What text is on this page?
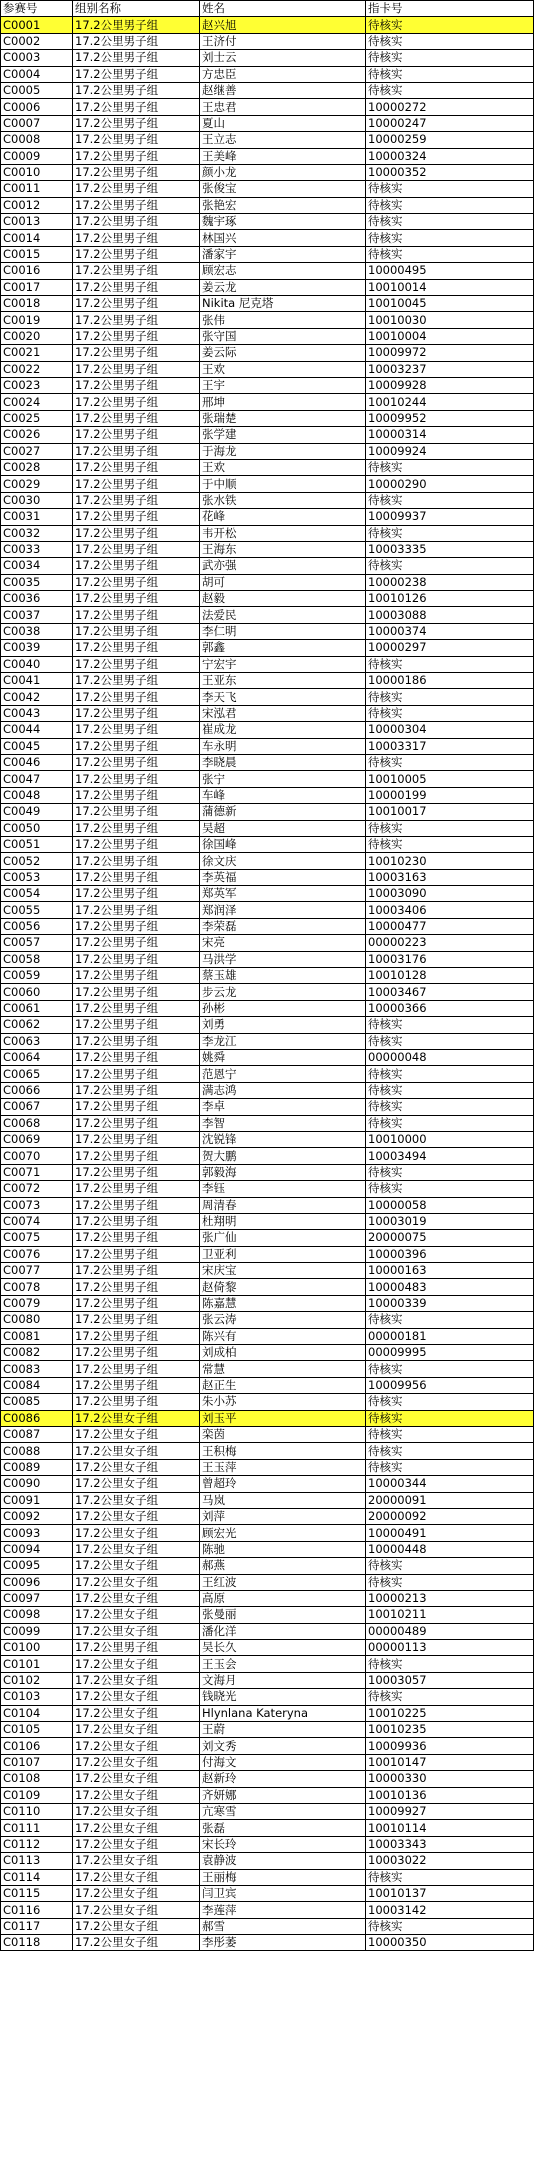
参赛号	组别名称	姓名	指卡号
C0001	17.2公里男子组	赵兴旭	待核实
C0002	17.2公里男子组	王济付	待核实
C0003	17.2公里男子组	刘士云	待核实
C0004	17.2公里男子组	方忠臣	待核实
C0005	17.2公里男子组	赵继善	待核实
C0006	17.2公里男子组	王忠君	10000272
C0007	17.2公里男子组	夏山	10000247
C0008	17.2公里男子组	王立志	10000259
C0009	17.2公里男子组	王美峰	10000324
C0010	17.2公里男子组	颜小龙	10000352
C0011	17.2公里男子组	张俊宝	待核实
C0012	17.2公里男子组	张艳宏	待核实
C0013	17.2公里男子组	魏宇琢	待核实
C0014	17.2公里男子组	林国兴	待核实
C0015	17.2公里男子组	潘家宇	待核实
C0016	17.2公里男子组	顾宏志	10000495
C0017	17.2公里男子组	姜云龙	10010014
C0018	17.2公里男子组	Nikita 尼克塔	10010045
C0019	17.2公里男子组	张伟	10010030
C0020	17.2公里男子组	张守国	10010004
C0021	17.2公里男子组	姜云际	10009972
C0022	17.2公里男子组	王欢	10003237
C0023	17.2公里男子组	王宇	10009928
C0024	17.2公里男子组	邢坤	10010244
C0025	17.2公里男子组	张瑞楚	10009952
C0026	17.2公里男子组	张学建	10000314
C0027	17.2公里男子组	于海龙	10009924
C0028	17.2公里男子组	王欢	待核实
C0029	17.2公里男子组	于中顺	10000290
C0030	17.2公里男子组	张水铁	待核实
C0031	17.2公里男子组	花峰	10009937
C0032	17.2公里男子组	韦开松	待核实
C0033	17.2公里男子组	王海东	10003335
C0034	17.2公里男子组	武亦强	待核实
C0035	17.2公里男子组	胡可	10000238
C0036	17.2公里男子组	赵毅	10010126
C0037	17.2公里男子组	法爱民	10003088
C0038	17.2公里男子组	李仁明	10000374
C0039	17.2公里男子组	郭鑫	10000297
C0040	17.2公里男子组	宁宏宇	待核实
C0041	17.2公里男子组	王亚东	10000186
C0042	17.2公里男子组	李天飞	待核实
C0043	17.2公里男子组	宋泓君	待核实
C0044	17.2公里男子组	崔成龙	10000304
C0045	17.2公里男子组	车永明	10003317
C0046	17.2公里男子组	李晓晨	待核实
C0047	17.2公里男子组	张宁	10010005
C0048	17.2公里男子组	车峰	10000199
C0049	17.2公里男子组	蒲德新	10010017
C0050	17.2公里男子组	吴超	待核实
C0051	17.2公里男子组	徐国峰	待核实
C0052	17.2公里男子组	徐文庆	10010230
C0053	17.2公里男子组	李英福	10003163
C0054	17.2公里男子组	郑英军	10003090
C0055	17.2公里男子组	郑润泽	10003406
C0056	17.2公里男子组	李荣磊	10000477
C0057	17.2公里男子组	宋亮	00000223
C0058	17.2公里男子组	马洪学	10003176
C0059	17.2公里男子组	蔡玉雄	10010128
C0060	17.2公里男子组	步云龙	10003467
C0061	17.2公里男子组	孙彬	10000366
C0062	17.2公里男子组	刘勇	待核实
C0063	17.2公里男子组	李龙江	待核实
C0064	17.2公里男子组	姚舜	00000048
C0065	17.2公里男子组	范恩宁	待核实
C0066	17.2公里男子组	满志鸿	待核实
C0067	17.2公里男子组	李卓	待核实
C0068	17.2公里男子组	李智	待核实
C0069	17.2公里男子组	沈锐锋	10010000
C0070	17.2公里男子组	贺大鹏	10003494
C0071	17.2公里男子组	郭毅海	待核实
C0072	17.2公里男子组	李钰	待核实
C0073	17.2公里男子组	周清春	10000058
C0074	17.2公里男子组	杜翔明	10003019
C0075	17.2公里男子组	张广仙	20000075
C0076	17.2公里男子组	卫亚利	10000396
C0077	17.2公里男子组	宋庆宝	10000163
C0078	17.2公里男子组	赵倚黎	10000483
C0079	17.2公里男子组	陈嘉慧	10000339
C0080	17.2公里男子组	张云涛	待核实
C0081	17.2公里男子组	陈兴有	00000181
C0082	17.2公里男子组	刘成柏	00009995
C0083	17.2公里男子组	常慧	待核实
C0084	17.2公里男子组	赵正生	10009956
C0085	17.2公里男子组	朱小苏	待核实
C0086	17.2公里女子组	刘玉平	待核实
C0087	17.2公里女子组	栾茵	待核实
C0088	17.2公里女子组	王积梅	待核实
C0089	17.2公里女子组	王玉萍	待核实
C0090	17.2公里女子组	曾超玲	10000344
C0091	17.2公里女子组	马岚	20000091
C0092	17.2公里女子组	刘萍	20000092
C0093	17.2公里女子组	顾宏光	10000491
C0094	17.2公里女子组	陈驰	10000448
C0095	17.2公里女子组	郝燕	待核实
C0096	17.2公里女子组	王红波	待核实
C0097	17.2公里女子组	高原	10000213
C0098	17.2公里女子组	张曼丽	10010211
C0099	17.2公里女子组	潘化洋	00000489
C0100	17.2公里男子组	吴长久	00000113
C0101	17.2公里女子组	王玉会	待核实
C0102	17.2公里女子组	文海月	10003057
C0103	17.2公里女子组	钱晓光	待核实
C0104	17.2公里女子组	Hlynlana Kateryna	10010225
C0105	17.2公里女子组	王蔚	10010235
C0106	17.2公里女子组	刘文秀	10009936
C0107	17.2公里女子组	付海文	10010147
C0108	17.2公里女子组	赵新玲	10000330
C0109	17.2公里女子组	齐妍娜	10010136
C0110	17.2公里女子组	亢寒雪	10009927
C0111	17.2公里女子组	张磊	10010114
C0112	17.2公里女子组	宋长玲	10003343
C0113	17.2公里女子组	袁静波	10003022
C0114	17.2公里女子组	王丽梅	待核实
C0115	17.2公里女子组	闫卫宾	10010137
C0116	17.2公里女子组	李莲萍	10003142
C0117	17.2公里女子组	郝雪	待核实
C0118	17.2公里女子组	李彤萎	10000350
